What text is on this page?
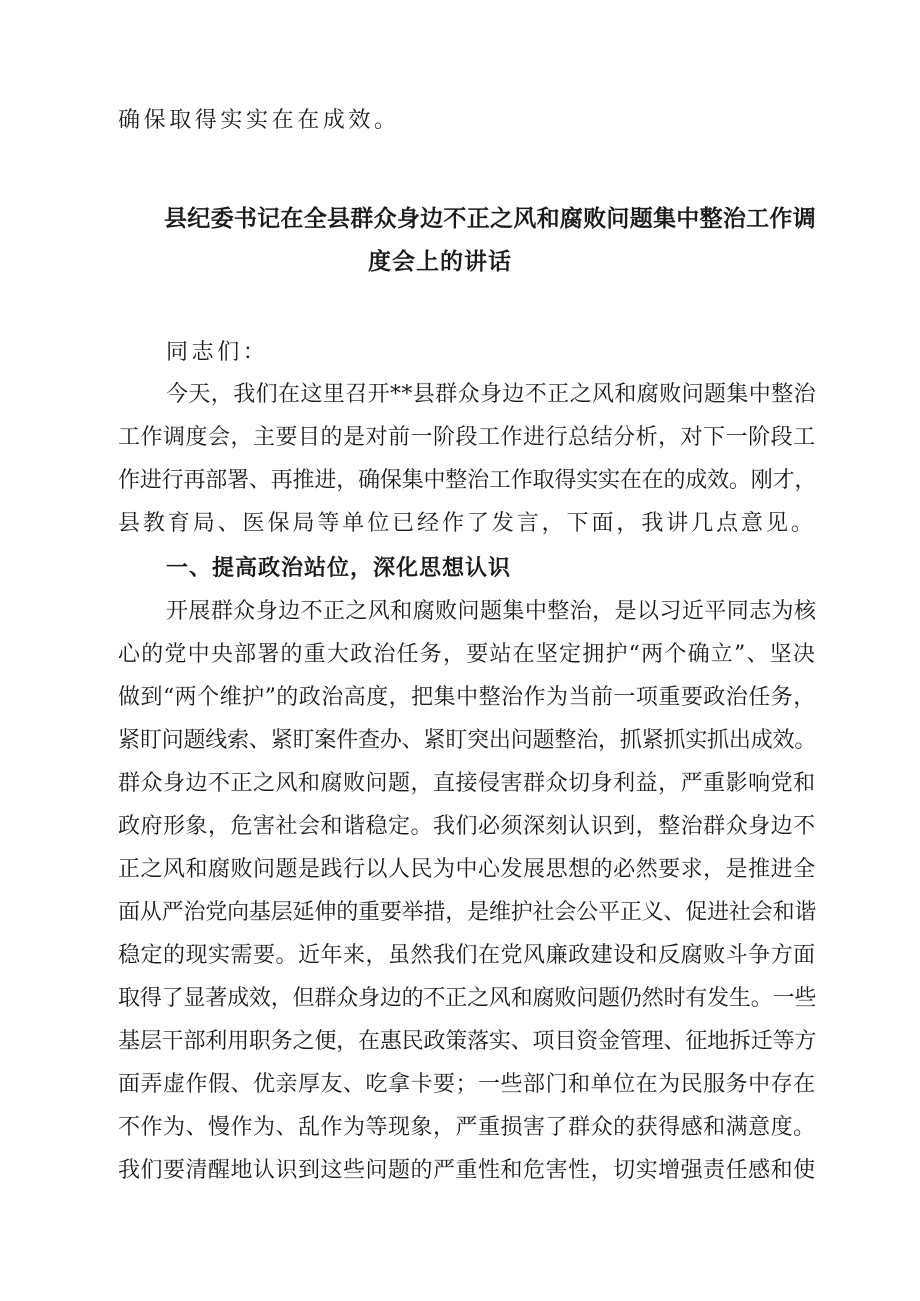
确保取得实实在在成效。
县纪委书记在全县群众身边不正之风和腐败问题集中整治工作调
度会上的讲话
同志们：
今天，我们在这里召开**县群众身边不正之风和腐败问题集中整治
工作调度会，主要目的是对前一阶段工作进行总结分析，对下一阶段工
作进行再部署、再推进，确保集中整治工作取得实实在在的成效。刚才，
县教育局、医保局等单位已经作了发言，下面，我讲几点意见。
一、提高政治站位，深化思想认识
开展群众身边不正之风和腐败问题集中整治，是以习近平同志为核
心的党中央部署的重大政治任务，要站在坚定拥护“两个确立”、坚决
做到“两个维护”的政治高度，把集中整治作为当前一项重要政治任务，
紧盯问题线索、紧盯案件查办、紧盯突出问题整治，抓紧抓实抓出成效。
群众身边不正之风和腐败问题，直接侵害群众切身利益，严重影响党和
政府形象，危害社会和谐稳定。我们必须深刻认识到，整治群众身边不
正之风和腐败问题是践行以人民为中心发展思想的必然要求，是推进全
面从严治党向基层延伸的重要举措，是维护社会公平正义、促进社会和谐
稳定的现实需要。近年来，虽然我们在党风廉政建设和反腐败斗争方面
取得了显著成效，但群众身边的不正之风和腐败问题仍然时有发生。一些
基层干部利用职务之便，在惠民政策落实、项目资金管理、征地拆迁等方
面弄虚作假、优亲厚友、吃拿卡要；一些部门和单位在为民服务中存在
不作为、慢作为、乱作为等现象，严重损害了群众的获得感和满意度。
我们要清醒地认识到这些问题的严重性和危害性，切实增强责任感和使
